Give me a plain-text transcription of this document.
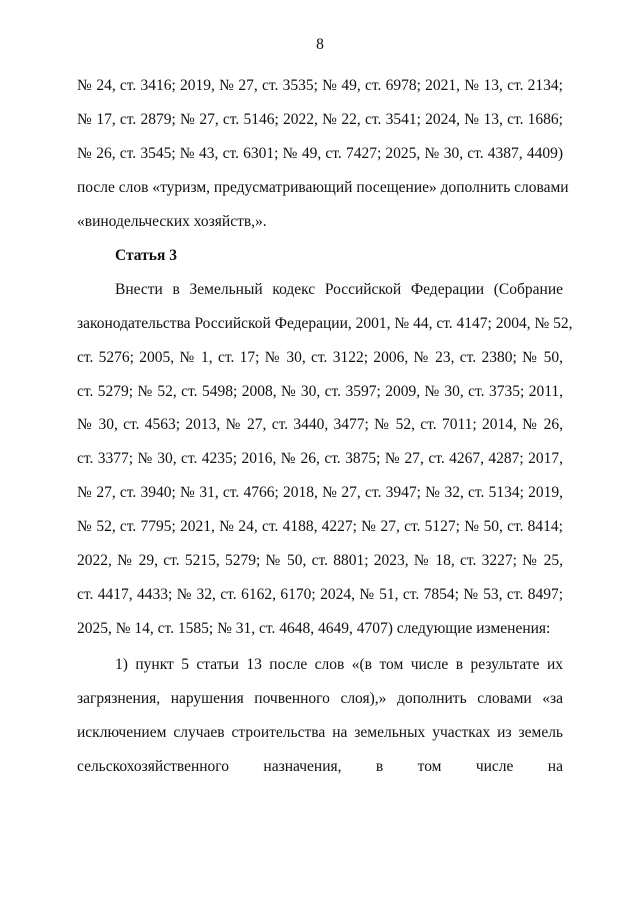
8
№ 24, ст. 3416; 2019, № 27, ст. 3535; № 49, ст. 6978; 2021, № 13, ст. 2134;
№ 17, ст. 2879; № 27, ст. 5146; 2022, № 22, ст. 3541; 2024, № 13, ст. 1686;
№ 26, ст. 3545; № 43, ст. 6301; № 49, ст. 7427; 2025, № 30, ст. 4387, 4409)
после слов «туризм, предусматривающий посещение» дополнить словами
«винодельческих хозяйств,».
Статья 3
Внести в Земельный кодекс Российской Федерации (Собрание
законодательства Российской Федерации, 2001, № 44, ст. 4147; 2004, № 52,
ст. 5276; 2005, № 1, ст. 17; № 30, ст. 3122; 2006, № 23, ст. 2380; № 50,
ст. 5279; № 52, ст. 5498; 2008, № 30, ст. 3597; 2009, № 30, ст. 3735; 2011,
№ 30, ст. 4563; 2013, № 27, ст. 3440, 3477; № 52, ст. 7011; 2014, № 26,
ст. 3377; № 30, ст. 4235; 2016, № 26, ст. 3875; № 27, ст. 4267, 4287; 2017,
№ 27, ст. 3940; № 31, ст. 4766; 2018, № 27, ст. 3947; № 32, ст. 5134; 2019,
№ 52, ст. 7795; 2021, № 24, ст. 4188, 4227; № 27, ст. 5127; № 50, ст. 8414;
2022, № 29, ст. 5215, 5279; № 50, ст. 8801; 2023, № 18, ст. 3227; № 25,
ст. 4417, 4433; № 32, ст. 6162, 6170; 2024, № 51, ст. 7854; № 53, ст. 8497;
2025, № 14, ст. 1585; № 31, ст. 4648, 4649, 4707) следующие изменения:
1) пункт 5 статьи 13 после слов «(в том числе в результате их
загрязнения, нарушения почвенного слоя),» дополнить словами «за
исключением случаев строительства на земельных участках из земель
сельскохозяйственного назначения, в том числе на
